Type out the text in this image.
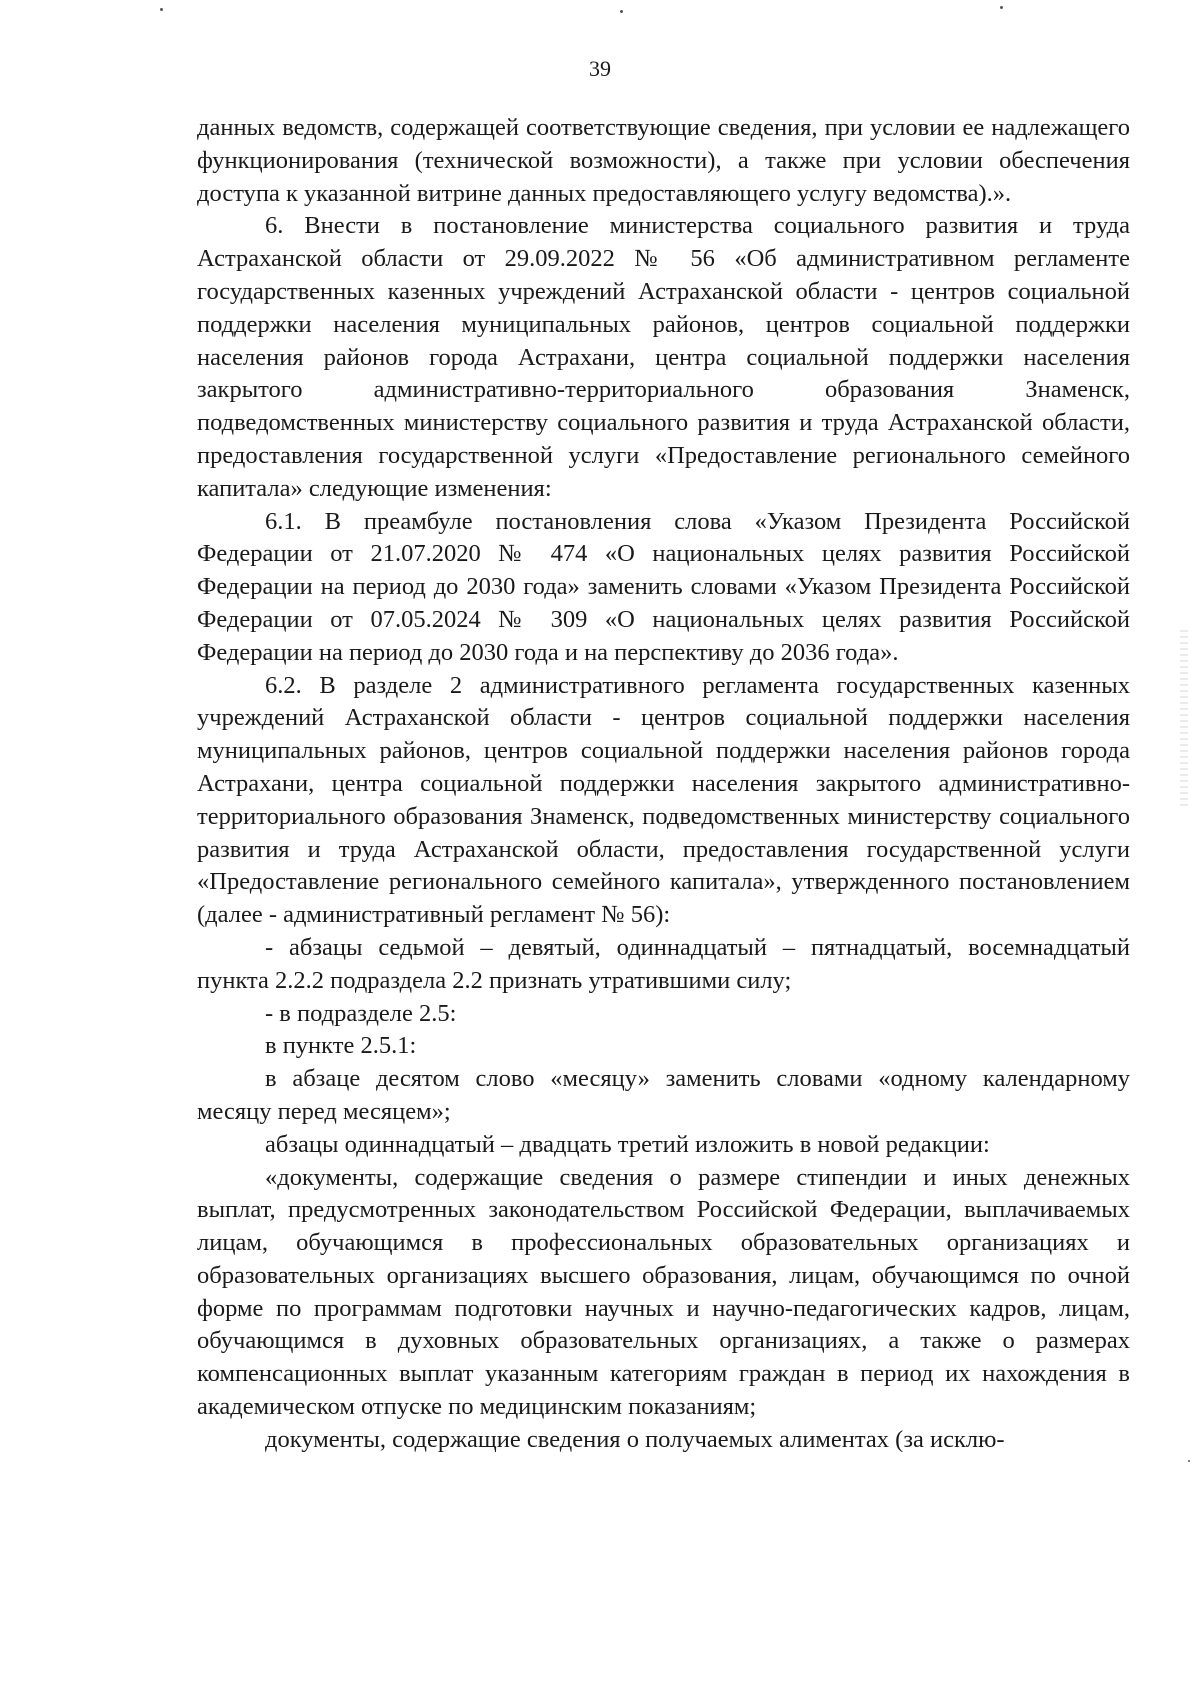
39

данных ведомств, содержащей соответствующие сведения, при условии ее надлежащего функционирования (технической возможности), а также при условии обеспечения доступа к указанной витрине данных предоставляющего услугу ведомства).».

6. Внести в постановление министерства социального развития и труда Астраханской области от 29.09.2022 № 56 «Об административном регламенте государственных казенных учреждений Астраханской области - центров социальной поддержки населения муниципальных районов, центров социальной поддержки населения районов города Астрахани, центра социальной поддержки населения закрытого административно-территориального образования Знаменск, подведомственных министерству социального развития и труда Астраханской области, предоставления государственной услуги «Предоставление регионального семейного капитала» следующие изменения:

6.1. В преамбуле постановления слова «Указом Президента Российской Федерации от 21.07.2020 № 474 «О национальных целях развития Российской Федерации на период до 2030 года» заменить словами «Указом Президента Российской Федерации от 07.05.2024 № 309 «О национальных целях развития Российской Федерации на период до 2030 года и на перспективу до 2036 года».

6.2. В разделе 2 административного регламента государственных казенных учреждений Астраханской области - центров социальной поддержки населения муниципальных районов, центров социальной поддержки населения районов города Астрахани, центра социальной поддержки населения закрытого административно-территориального образования Знаменск, подведомственных министерству социального развития и труда Астраханской области, предоставления государственной услуги «Предоставление регионального семейного капитала», утвержденного постановлением (далее - административный регламент № 56):

- абзацы седьмой – девятый, одиннадцатый – пятнадцатый, восемнадцатый пункта 2.2.2 подраздела 2.2 признать утратившими силу;

- в подразделе 2.5:

в пункте 2.5.1:

в абзаце десятом слово «месяцу» заменить словами «одному календарному месяцу перед месяцем»;

абзацы одиннадцатый – двадцать третий изложить в новой редакции:

«документы, содержащие сведения о размере стипендии и иных денежных выплат, предусмотренных законодательством Российской Федерации, выплачиваемых лицам, обучающимся в профессиональных образовательных организациях и образовательных организациях высшего образования, лицам, обучающимся по очной форме по программам подготовки научных и научно-педагогических кадров, лицам, обучающимся в духовных образовательных организациях, а также о размерах компенсационных выплат указанным категориям граждан в период их нахождения в академическом отпуске по медицинским показаниям;

документы, содержащие сведения о получаемых алиментах (за исклю-
